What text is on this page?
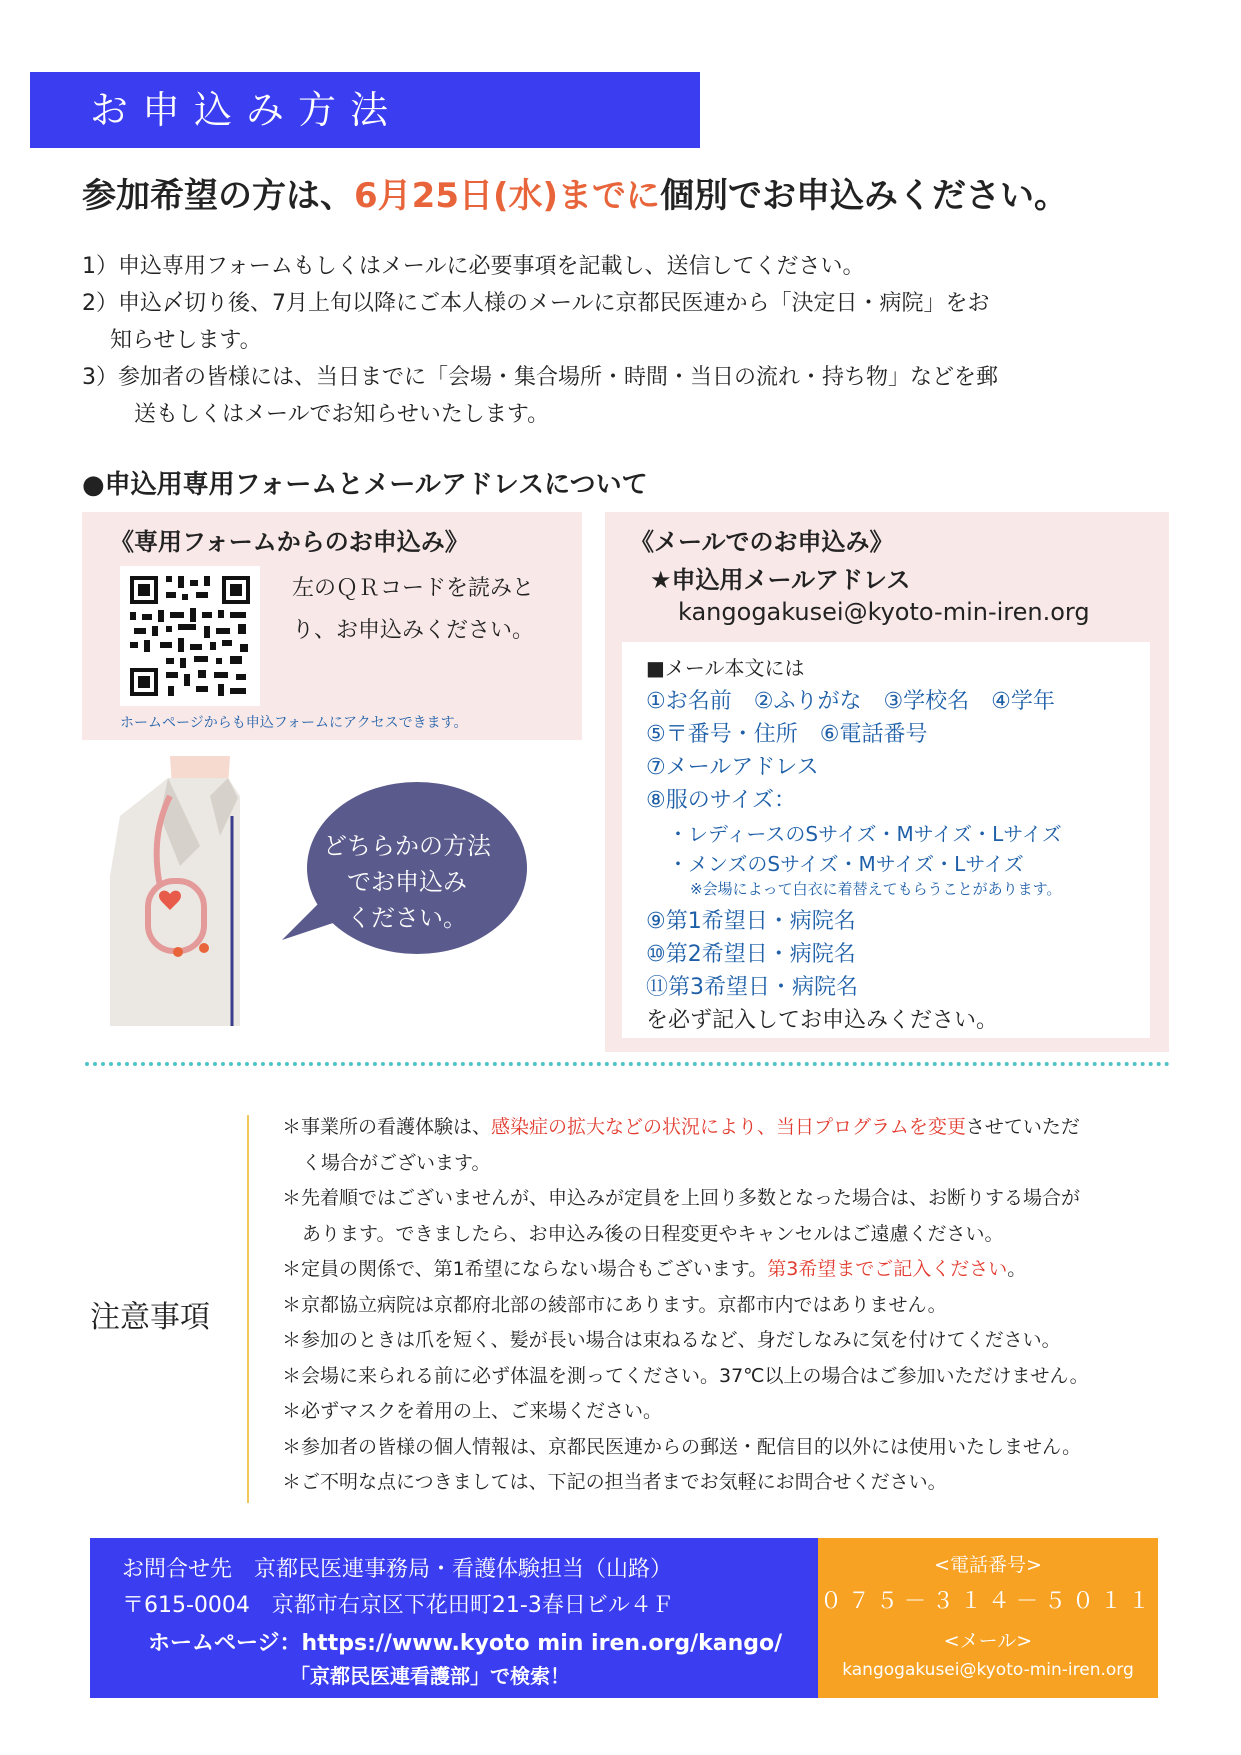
お申込み方法
参加希望の方は、6月25日(水)までに個別でお申込みください。
1）申込専用フォームもしくはメールに必要事項を記載し、送信してください。
2）申込〆切り後、7月上旬以降にご本人様のメールに京都民医連から「決定日・病院」をお
知らせします。
3）参加者の皆様には、当日までに「会場・集合場所・時間・当日の流れ・持ち物」などを郵
送もしくはメールでお知らせいたします。
●申込用専用フォームとメールアドレスについて
《専用フォームからのお申込み》
左のＱＲコードを読みと
り、お申込みください。
ホームページからも申込フォームにアクセスできます。
どちらかの方法
でお申込み
ください。
《メールでのお申込み》
★申込用メールアドレス
kangogakusei@kyoto-min-iren.org
■メール本文には
①お名前　②ふりがな　③学校名　④学年
⑤〒番号・住所　⑥電話番号
⑦メールアドレス
⑧服のサイズ：
・レディースのSサイズ・Mサイズ・Lサイズ
・メンズのSサイズ・Mサイズ・Lサイズ
※会場によって白衣に着替えてもらうことがあります。
⑨第1希望日・病院名
⑩第2希望日・病院名
⑪第3希望日・病院名
を必ず記入してお申込みください。
注意事項
＊事業所の看護体験は、感染症の拡大などの状況により、当日プログラムを変更させていただ
く場合がございます。
＊先着順ではございませんが、申込みが定員を上回り多数となった場合は、お断りする場合が
あります。できましたら、お申込み後の日程変更やキャンセルはご遠慮ください。
＊定員の関係で、第1希望にならない場合もございます。第3希望までご記入ください。
＊京都協立病院は京都府北部の綾部市にあります。京都市内ではありません。
＊参加のときは爪を短く、髪が長い場合は束ねるなど、身だしなみに気を付けてください。
＊会場に来られる前に必ず体温を測ってください。37℃以上の場合はご参加いただけません。
＊必ずマスクを着用の上、ご来場ください。
＊参加者の皆様の個人情報は、京都民医連からの郵送・配信目的以外には使用いたしません。
＊ご不明な点につきましては、下記の担当者までお気軽にお問合せください。
お問合せ先　京都民医連事務局・看護体験担当（山路）
〒615-0004　京都市右京区下花田町21-3春日ビル４Ｆ
ホームページ：https://www.kyoto min iren.org/kango/
「京都民医連看護部」で検索！
<電話番号>
０７５－３１４－５０１１
<メール>
kangogakusei@kyoto-min-iren.org
